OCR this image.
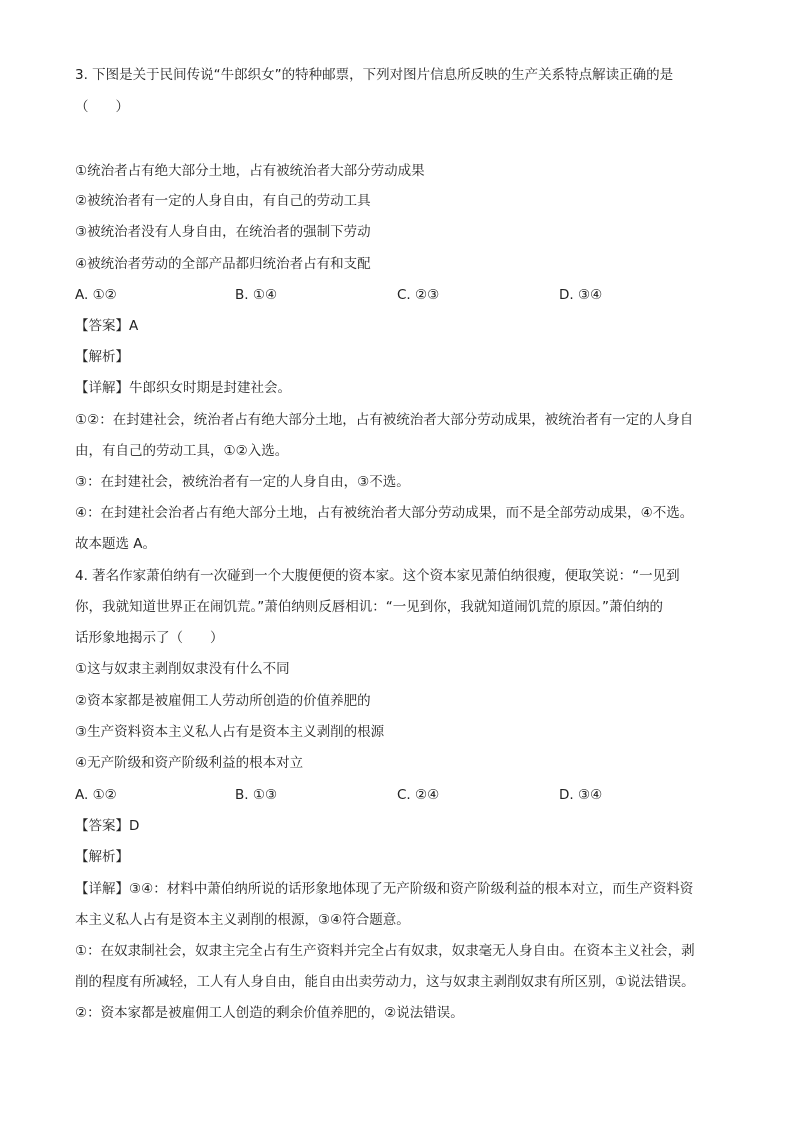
3. 下图是关于民间传说“牛郎织女”的特种邮票，下列对图片信息所反映的生产关系特点解读正确的是
（　　）
①统治者占有绝大部分土地，占有被统治者大部分劳动成果
②被统治者有一定的人身自由，有自己的劳动工具
③被统治者没有人身自由，在统治者的强制下劳动
④被统治者劳动的全部产品都归统治者占有和支配
A. ①②	B. ①④	C. ②③	D. ③④
【答案】A
【解析】
【详解】牛郎织女时期是封建社会。
①②：在封建社会，统治者占有绝大部分土地，占有被统治者大部分劳动成果，被统治者有一定的人身自
由，有自己的劳动工具，①②入选。
③：在封建社会，被统治者有一定的人身自由，③不选。
④：在封建社会治者占有绝大部分土地，占有被统治者大部分劳动成果，而不是全部劳动成果，④不选。
故本题选 A。
4. 著名作家萧伯纳有一次碰到一个大腹便便的资本家。这个资本家见萧伯纳很瘦，便取笑说：“一见到
你，我就知道世界正在闹饥荒。”萧伯纳则反唇相讥：“一见到你，我就知道闹饥荒的原因。”萧伯纳的
话形象地揭示了（　　）
①这与奴隶主剥削奴隶没有什么不同
②资本家都是被雇佣工人劳动所创造的价值养肥的
③生产资料资本主义私人占有是资本主义剥削的根源
④无产阶级和资产阶级利益的根本对立
A. ①②	B. ①③	C. ②④	D. ③④
【答案】D
【解析】
【详解】③④：材料中萧伯纳所说的话形象地体现了无产阶级和资产阶级利益的根本对立，而生产资料资
本主义私人占有是资本主义剥削的根源，③④符合题意。
①：在奴隶制社会，奴隶主完全占有生产资料并完全占有奴隶，奴隶毫无人身自由。在资本主义社会，剥
削的程度有所减轻，工人有人身自由，能自由出卖劳动力，这与奴隶主剥削奴隶有所区别，①说法错误。
②：资本家都是被雇佣工人创造的剩余价值养肥的，②说法错误。
